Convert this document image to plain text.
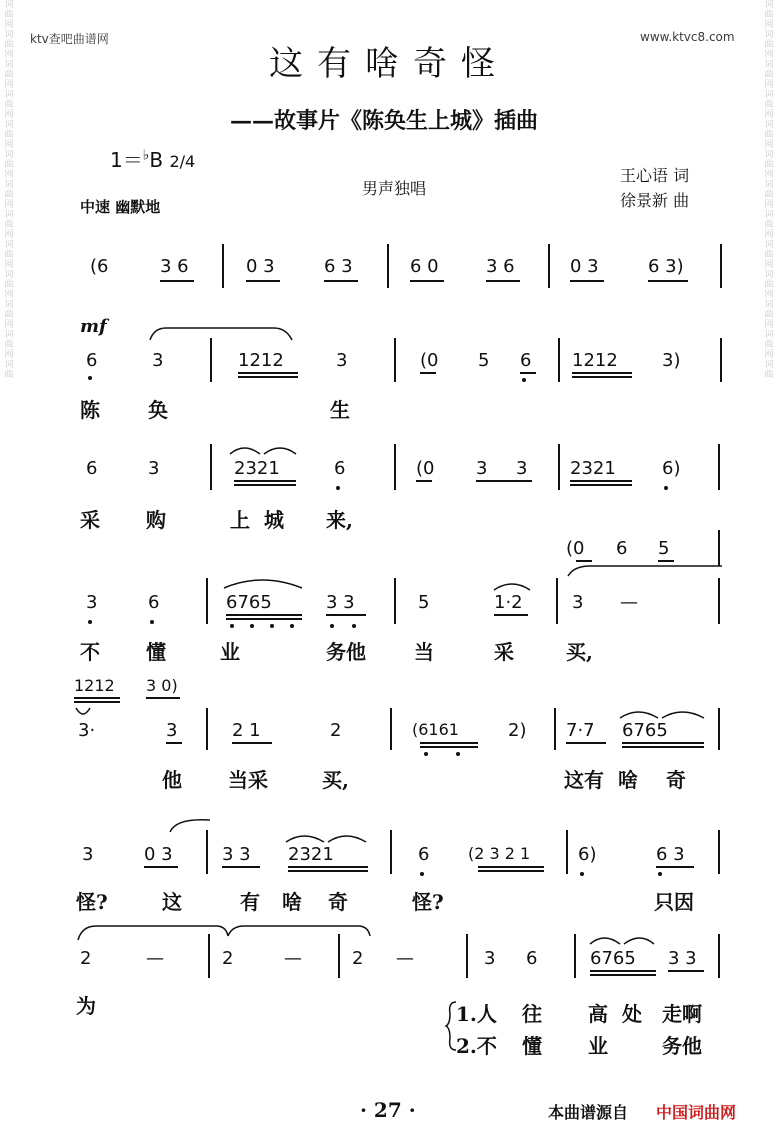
ktv查吧曲谱网	www.ktvc8.com
词
曲
网
词
曲
网
词
曲
网
词
曲
网
词
曲
网
词
曲
网
词
曲
网
词
曲
网
词
曲
网
词
曲
网
词
曲
网
词
曲
网
词
曲
词
曲
网
词
曲
网
词
曲
网
词
曲
网
词
曲
网
词
曲
网
词
曲
网
词
曲
网
词
曲
网
词
曲
网
词
曲
网
词
曲
网
词
曲
这有啥奇怪
——故事片《陈奂生上城》插曲
1＝♭B 2/4
男声独唱
王心语 词
徐景新 曲
中速 幽默地
mf
(6	3 6	0 3	6 3	6 0	3 6	0 3	6 3)
6	3	1212	3	(0 5 6 1212 3)
陈 奂	生
6	3	2321	6	(0 3 3 2321	6)
采 购	上 城 来,
(0 6 5
3	6	6765	3 3	5	1·2	3 —
不 懂	业	务他 当	采	买,
1212 3 0)
3·	3	2 1	2	(6161	2) 7·7 6765
他 当采	买,	这有 啥 奇
3	0 3	3 3 2321	6 (2 3 2 1	6)	6 3
怪?	这	有 啥 奇	怪?	只因
2	—	2	—	2 —	3 6	6765 3 3
为	1.人 往 高 处 走啊
2.不 懂 业	务他
· 27 ·	本曲谱源自 中国词曲网
